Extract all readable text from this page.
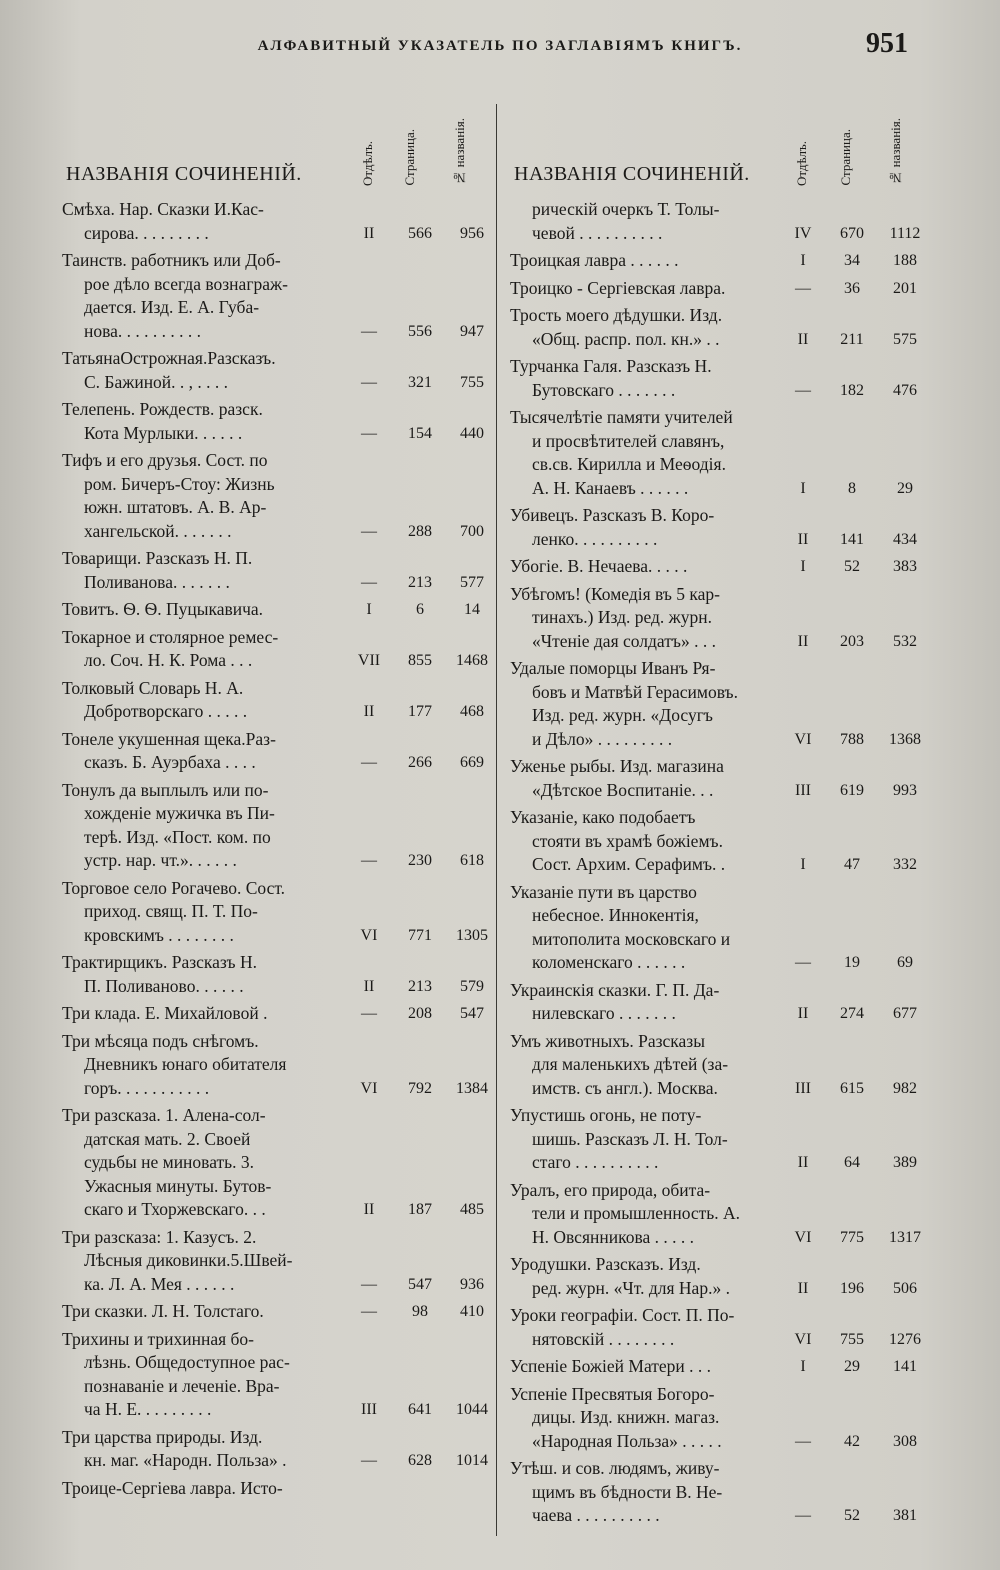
АЛФАВИТНЫЙ УКАЗАТЕЛЬ ПО ЗАГЛАВІЯМЪ КНИГЪ.	951
НАЗВАНІЯ СОЧИНЕНІЙ.	Отдѣлъ. Страница.	№ названія.
Смѣха. Нар. Сказки И.Кас-
сирова. . . . . . . . .	II	566	956
Таинств. работникъ или Доб-
рое дѣло всегда вознаграж-
дается. Изд. Е. А. Губа-
нова. . . . . . . . . .	—	556	947
ТатьянаОстрожная.Разсказъ.
С. Бажиной. . , . . . .	—	321	755
Телепень. Рождеств. разск.
Кота Мурлыки. . . . . .	—	154	440
Тифъ и его друзья. Сост. по
ром. Бичеръ-Стоу: Жизнь
южн. штатовъ. А. В. Ар-
хангельской. . . . . . .	—	288	700
Товарищи. Разсказъ Н. П.
Поливанова. . . . . . .	—	213	577
Товитъ. Ѳ. Ѳ. Пуцыкавича.	I	6	14
Токарное и столярное ремес-
ло. Соч. Н. К. Рома . . .	VII	855	1468
Толковый Словарь Н. А.
Добротворскаго . . . . .	II	177	468
Тонеле укушенная щека.Раз-
сказъ. Б. Ауэрбаха . . . .	—	266	669
Тонулъ да выплылъ или по-
хожденіе мужичка въ Пи-
терѣ. Изд. «Пост. ком. по
устр. нар. чт.». . . . . .	—	230	618
Торговое село Рогачево. Сост.
приход. свящ. П. Т. По-
кровскимъ . . . . . . . .	VI	771	1305
Трактирщикъ. Разсказъ Н.
П. Поливаново. . . . . .	II	213	579
Три клада. Е. Михайловой .	—	208	547
Три мѣсяца подъ снѣгомъ.
Дневникъ юнаго обитателя
горъ. . . . . . . . . . .	VI	792	1384
Три разсказа. 1. Алена-сол-
датская мать. 2. Своей
судьбы не миновать. 3.
Ужасныя минуты. Бутов-
скаго и Тхоржевскаго. . .	II	187	485
Три разсказа: 1. Казусъ. 2.
Лѣсныя диковинки.5.Швей-
ка. Л. А. Мея . . . . . .	—	547	936
Три сказки. Л. Н. Толстаго.	—	98	410
Трихины и трихинная бо-
лѣзнь. Общедоступное рас-
познаваніе и леченіе. Вра-
ча Н. Е. . . . . . . . .	III	641	1044
Три царства природы. Изд.
кн. маг. «Народн. Польза» .	—	628	1014
Троице-Сергіева лавра. Исто-
НАЗВАНІЯ СОЧИНЕНІЙ.	Отдѣлъ. Страница.	№ названія.
рическій очеркъ Т. Толы-
чевой . . . . . . . . . .	IV	670	1112
Троицкая лавра . . . . . .	I	34	188
Троицко - Сергіевская лавра.	—	36	201
Трость моего дѣдушки. Изд.
«Общ. распр. пол. кн.» . .	II	211	575
Турчанка Галя. Разсказъ Н.
Бутовскаго . . . . . . .	—	182	476
Тысячелѣтіе памяти учителей
и просвѣтителей славянъ,
св.св. Кирилла и Меѳодія.
А. Н. Канаевъ . . . . . .	I	8	29
Убивецъ. Разсказъ В. Коро-
ленко. . . . . . . . . .	II	141	434
Убогіе. В. Нечаева. . . . .	I	52	383
Убѣгомъ! (Комедія въ 5 кар-
тинахъ.) Изд. ред. журн.
«Чтеніе дая солдатъ» . . .	II	203	532
Удалые поморцы Иванъ Ря-
бовъ и Матвѣй Герасимовъ.
Изд. ред. журн. «Досугъ
и Дѣло» . . . . . . . . .	VI	788	1368
Уженье рыбы. Изд. магазина
«Дѣтское Воспитаніе. . .	III	619	993
Указаніе, како подобаетъ
стояти въ храмѣ божіемъ.
Сост. Архим. Серафимъ. .	I	47	332
Указаніе пути въ царство
небесное. Иннокентія,
митополита московскаго и
коломенскаго . . . . . .	—	19	69
Украинскія сказки. Г. П. Да-
нилевскаго . . . . . . .	II	274	677
Умъ животныхъ. Разсказы
для маленькихъ дѣтей (за-
имств. съ англ.). Москва.	III	615	982
Упустишь огонь, не поту-
шишь. Разсказъ Л. Н. Тол-
стаго . . . . . . . . . .	II	64	389
Уралъ, его природа, обита-
тели и промышленность. А.
Н. Овсянникова . . . . .	VI	775	1317
Уродушки. Разсказъ. Изд.
ред. журн. «Чт. для Нар.» .	II	196	506
Уроки географіи. Сост. П. По-
нятовскій . . . . . . . .	VI	755	1276
Успеніе Божіей Матери . . .	I	29	141
Успеніе Пресвятыя Богоро-
дицы. Изд. книжн. магаз.
«Народная Польза» . . . . .	—	42	308
Утѣш. и сов. людямъ, живу-
щимъ въ бѣдности В. Не-
чаева . . . . . . . . . .	—	52	381
